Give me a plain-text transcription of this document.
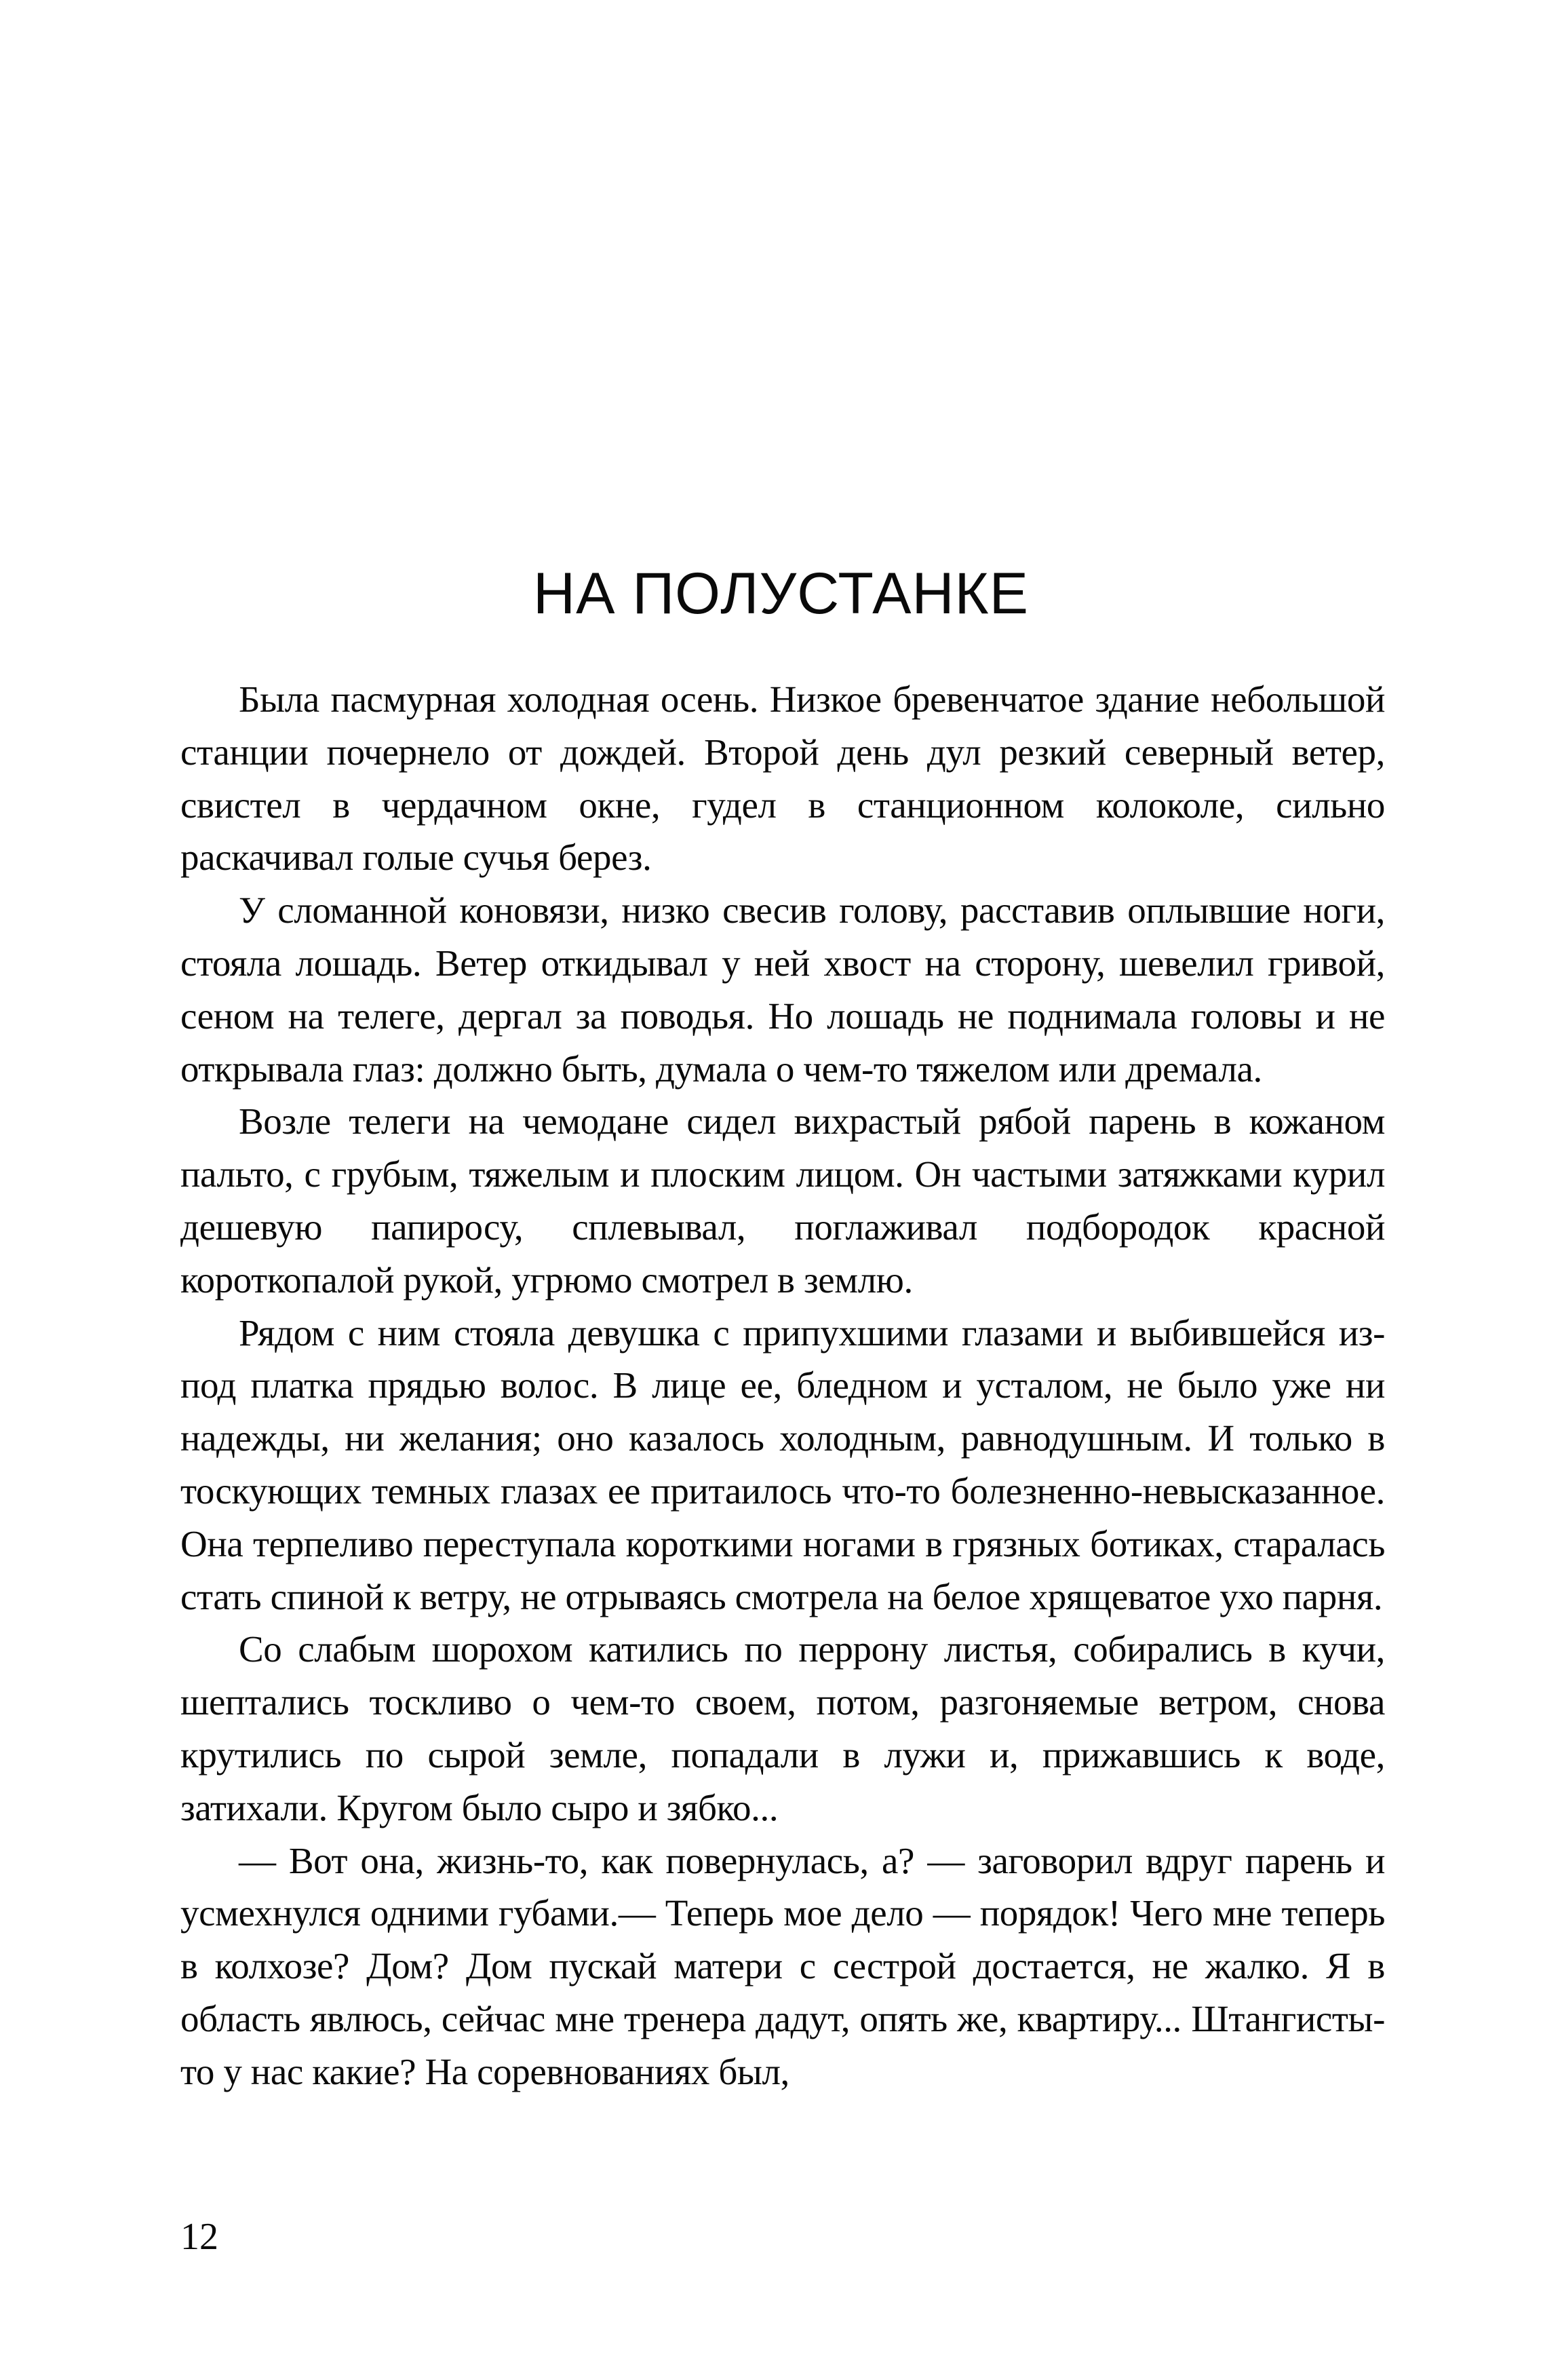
НА ПОЛУСТАНКЕ

Была пасмурная холодная осень. Низкое бревенчатое здание небольшой станции почернело от дождей. Второй день дул резкий северный ветер, свистел в чердачном окне, гудел в станционном колоколе, сильно раскачивал голые сучья берез.

У сломанной коновязи, низко свесив голову, расставив оплывшие ноги, стояла лошадь. Ветер откидывал у ней хвост на сторону, шевелил гривой, сеном на телеге, дергал за поводья. Но лошадь не поднимала головы и не открывала глаз: должно быть, думала о чем-то тяжелом или дремала.

Возле телеги на чемодане сидел вихрастый рябой парень в кожаном пальто, с грубым, тяжелым и плоским лицом. Он частыми затяжками курил дешевую папиросу, сплевывал, поглаживал подбородок красной короткопалой рукой, угрюмо смотрел в землю.

Рядом с ним стояла девушка с припухшими глазами и выбившейся из-под платка прядью волос. В лице ее, бледном и усталом, не было уже ни надежды, ни желания; оно казалось холодным, равнодушным. И только в тоскующих темных глазах ее притаилось что-то болезненно-невысказанное. Она терпеливо переступала короткими ногами в грязных ботиках, старалась стать спиной к ветру, не отрываясь смотрела на белое хрящеватое ухо парня.

Со слабым шорохом катились по перрону листья, собирались в кучи, шептались тоскливо о чем-то своем, потом, разгоняемые ветром, снова крутились по сырой земле, попадали в лужи и, прижавшись к воде, затихали. Кругом было сыро и зябко...

— Вот она, жизнь-то, как повернулась, а? — заговорил вдруг парень и усмехнулся одними губами.— Теперь мое дело — порядок! Чего мне теперь в колхозе? Дом? Дом пускай матери с сестрой достается, не жалко. Я в область явлюсь, сейчас мне тренера дадут, опять же, квартиру... Штангисты-то у нас какие? На соревнованиях был,

12
